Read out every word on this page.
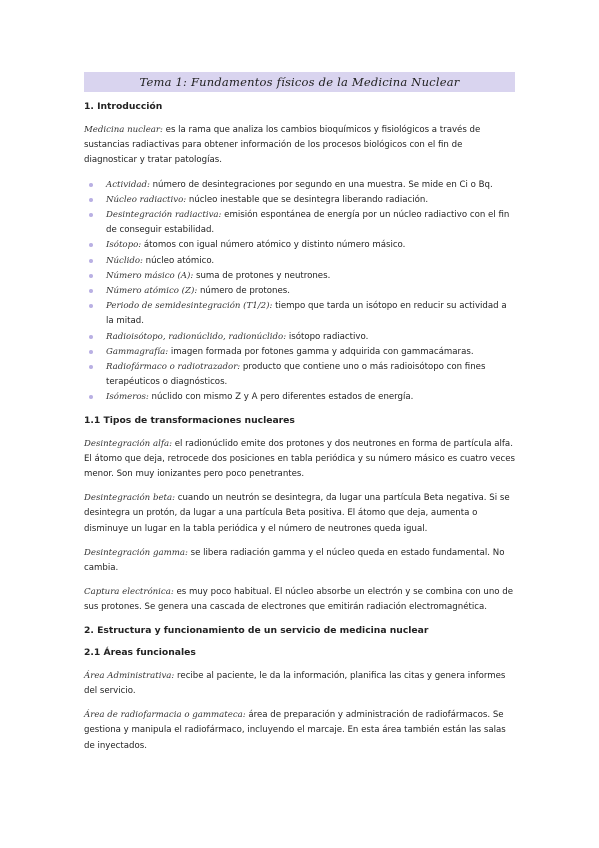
Tema 1: Fundamentos físicos de la Medicina Nuclear
1. Introducción

Medicina nuclear: es la rama que analiza los cambios bioquímicos y fisiológicos a través de sustancias radiactivas para obtener información de los procesos biológicos con el fin de diagnosticar y tratar patologías.

Actividad: número de desintegraciones por segundo en una muestra. Se mide en Ci o Bq.
Núcleo radiactivo: núcleo inestable que se desintegra liberando radiación.
Desintegración radiactiva: emisión espontánea de energía por un núcleo radiactivo con el fin de conseguir estabilidad.
Isótopo: átomos con igual número atómico y distinto número másico.
Núclido: núcleo atómico.
Número másico (A): suma de protones y neutrones.
Número atómico (Z): número de protones.
Periodo de semidesintegración (T1/2): tiempo que tarda un isótopo en reducir su actividad a la mitad.
Radioisótopo, radionúclido, radionúclido: isótopo radiactivo.
Gammagrafía: imagen formada por fotones gamma y adquirida con gammacámaras.
Radiofármaco o radiotrazador: producto que contiene uno o más radioisótopo con fines terapéuticos o diagnósticos.
Isómeros: núclido con mismo Z y A pero diferentes estados de energía.
1.1 Tipos de transformaciones nucleares

Desintegración alfa: el radionúclido emite dos protones y dos neutrones en forma de partícula alfa. El átomo que deja, retrocede dos posiciones en tabla periódica y su número másico es cuatro veces menor. Son muy ionizantes pero poco penetrantes.

Desintegración beta: cuando un neutrón se desintegra, da lugar una partícula Beta negativa. Si se desintegra un protón, da lugar a una partícula Beta positiva. El átomo que deja, aumenta o disminuye un lugar en la tabla periódica y el número de neutrones queda igual.

Desintegración gamma: se libera radiación gamma y el núcleo queda en estado fundamental. No cambia.

Captura electrónica: es muy poco habitual. El núcleo absorbe un electrón y se combina con uno de sus protones. Se genera una cascada de electrones que emitirán radiación electromagnética.

2. Estructura y funcionamiento de un servicio de medicina nuclear
2.1 Áreas funcionales

Área Administrativa: recibe al paciente, le da la información, planifica las citas y genera informes del servicio.

Área de radiofarmacia o gammateca: área de preparación y administración de radiofármacos. Se gestiona y manipula el radiofármaco, incluyendo el marcaje. En esta área también están las salas de inyectados.
